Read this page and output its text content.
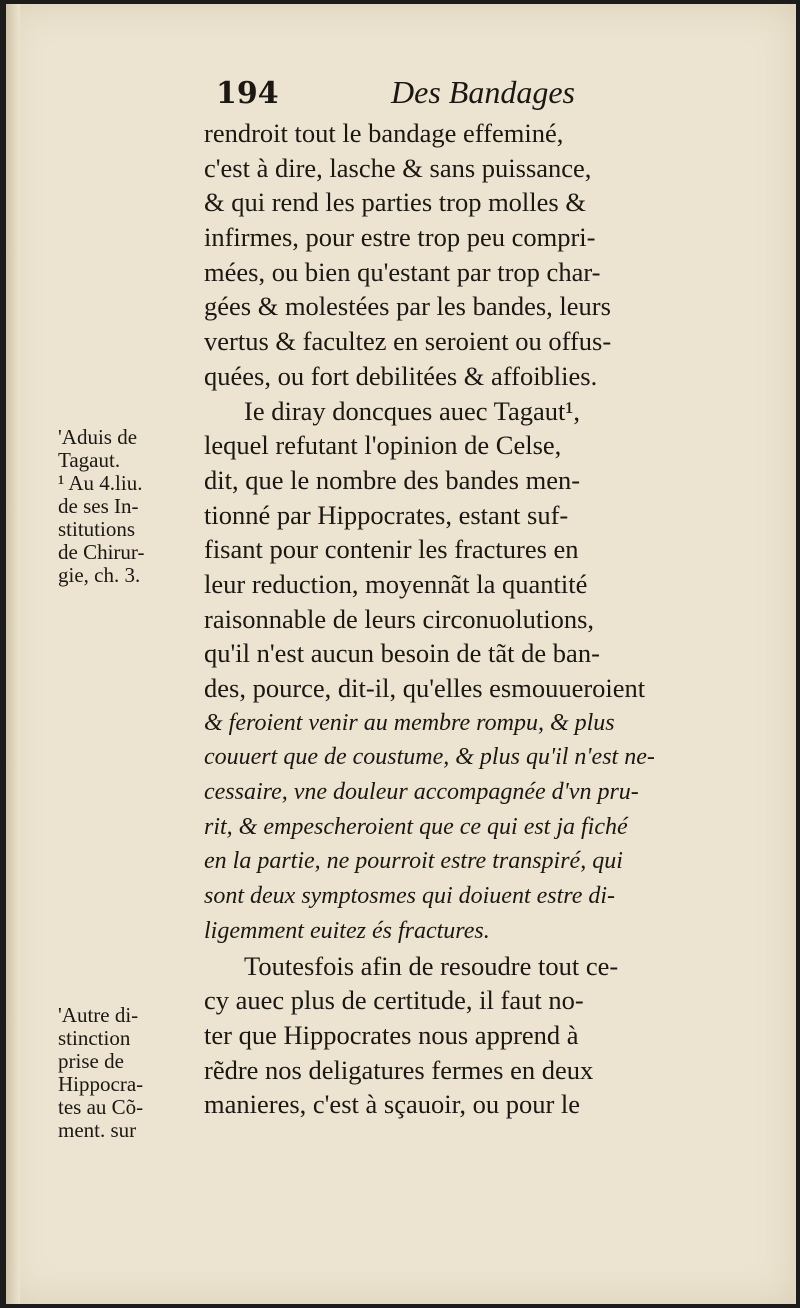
194	Des Bandages
rendroit tout le bandage effeminé,
c'est à dire, lasche & sans puissance,
& qui rend les parties trop molles &
infirmes, pour estre trop peu compri-
mées, ou bien qu'estant par trop char-
gées & molestées par les bandes, leurs
vertus & facultez en seroient ou offus-
quées, ou fort debilitées & affoiblies.
Ie diray doncques auec Tagaut¹,
lequel refutant l'opinion de Celse,
dit, que le nombre des bandes men-
tionné par Hippocrates, estant suf-
fisant pour contenir les fractures en
leur reduction, moyennãt la quantité
raisonnable de leurs circonuolutions,
qu'il n'est aucun besoin de tãt de ban-
des, pource, dit-il, qu'elles esmouueroient
& feroient venir au membre rompu, & plus
couuert que de coustume, & plus qu'il n'est ne-
cessaire, vne douleur accompagnée d'vn pru-
rit, & empescheroient que ce qui est ja fiché
en la partie, ne pourroit estre transpiré, qui
sont deux symptosmes qui doiuent estre di-
ligemment euitez és fractures.
Toutesfois afin de resoudre tout ce-
cy auec plus de certitude, il faut no-
ter que Hippocrates nous apprend à
rẽdre nos deligatures fermes en deux
manieres, c'est à sçauoir, ou pour le
'Aduis de
Tagaut.
¹ Au 4.liu.
de ses In-
stitutions
de Chirur-
gie, ch. 3.
'Autre di-
stinction
prise de
Hippocra-
tes au Cõ-
ment. sur
